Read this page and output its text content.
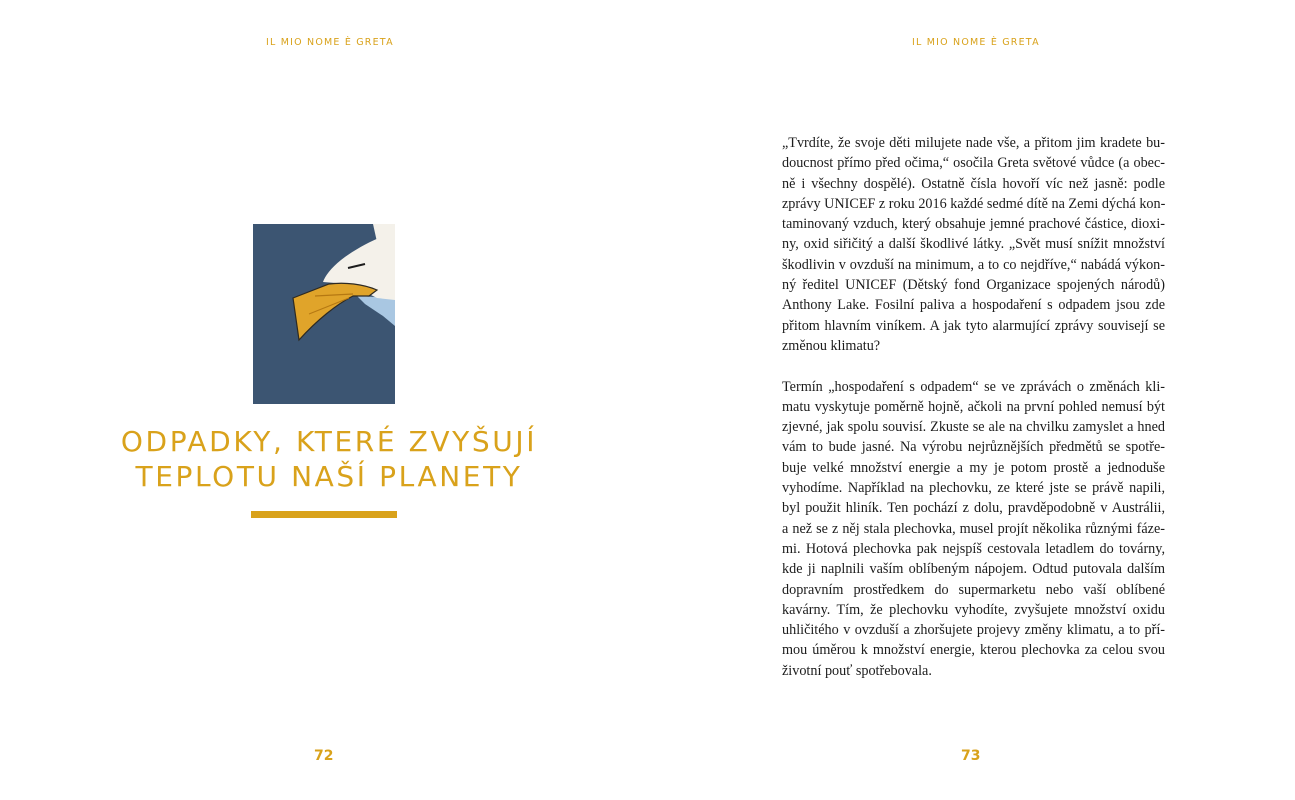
IL MIO NOME È GRETA
ODPADKY, KTERÉ ZVYŠUJÍ
TEPLOTU NAŠÍ PLANETY
72
IL MIO NOME È GRETA
„Tvrdíte, že svoje děti milujete nade vše, a přitom jim kradete bu-
doucnost přímo před očima,“ osočila Greta světové vůdce (a obec-
ně i všechny dospělé). Ostatně čísla hovoří víc než jasně: podle
zprávy UNICEF z roku 2016 každé sedmé dítě na Zemi dýchá kon-
taminovaný vzduch, který obsahuje jemné prachové částice, dioxi-
ny, oxid siřičitý a další škodlivé látky. „Svět musí snížit množství
škodlivin v ovzduší na minimum, a to co nejdříve,“ nabádá výkon-
ný ředitel UNICEF (Dětský fond Organizace spojených národů)
Anthony Lake. Fosilní paliva a hospodaření s odpadem jsou zde
přitom hlavním viníkem. A jak tyto alarmující zprávy souvisejí se
změnou klimatu?
Termín „hospodaření s odpadem“ se ve zprávách o změnách kli-
matu vyskytuje poměrně hojně, ačkoli na první pohled nemusí být
zjevné, jak spolu souvisí. Zkuste se ale na chvilku zamyslet a hned
vám to bude jasné. Na výrobu nejrůznějších předmětů se spotře-
buje velké množství energie a my je potom prostě a jednoduše
vyhodíme. Například na plechovku, ze které jste se právě napili,
byl použit hliník. Ten pochází z dolu, pravděpodobně v Austrálii,
a než se z něj stala plechovka, musel projít několika různými fáze-
mi. Hotová plechovka pak nejspíš cestovala letadlem do továrny,
kde ji naplnili vaším oblíbeným nápojem. Odtud putovala dalším
dopravním prostředkem do supermarketu nebo vaší oblíbené
kavárny. Tím, že plechovku vyhodíte, zvyšujete množství oxidu
uhličitého v ovzduší a zhoršujete projevy změny klimatu, a to pří-
mou úměrou k množství energie, kterou plechovka za celou svou
životní pouť spotřebovala.
73
